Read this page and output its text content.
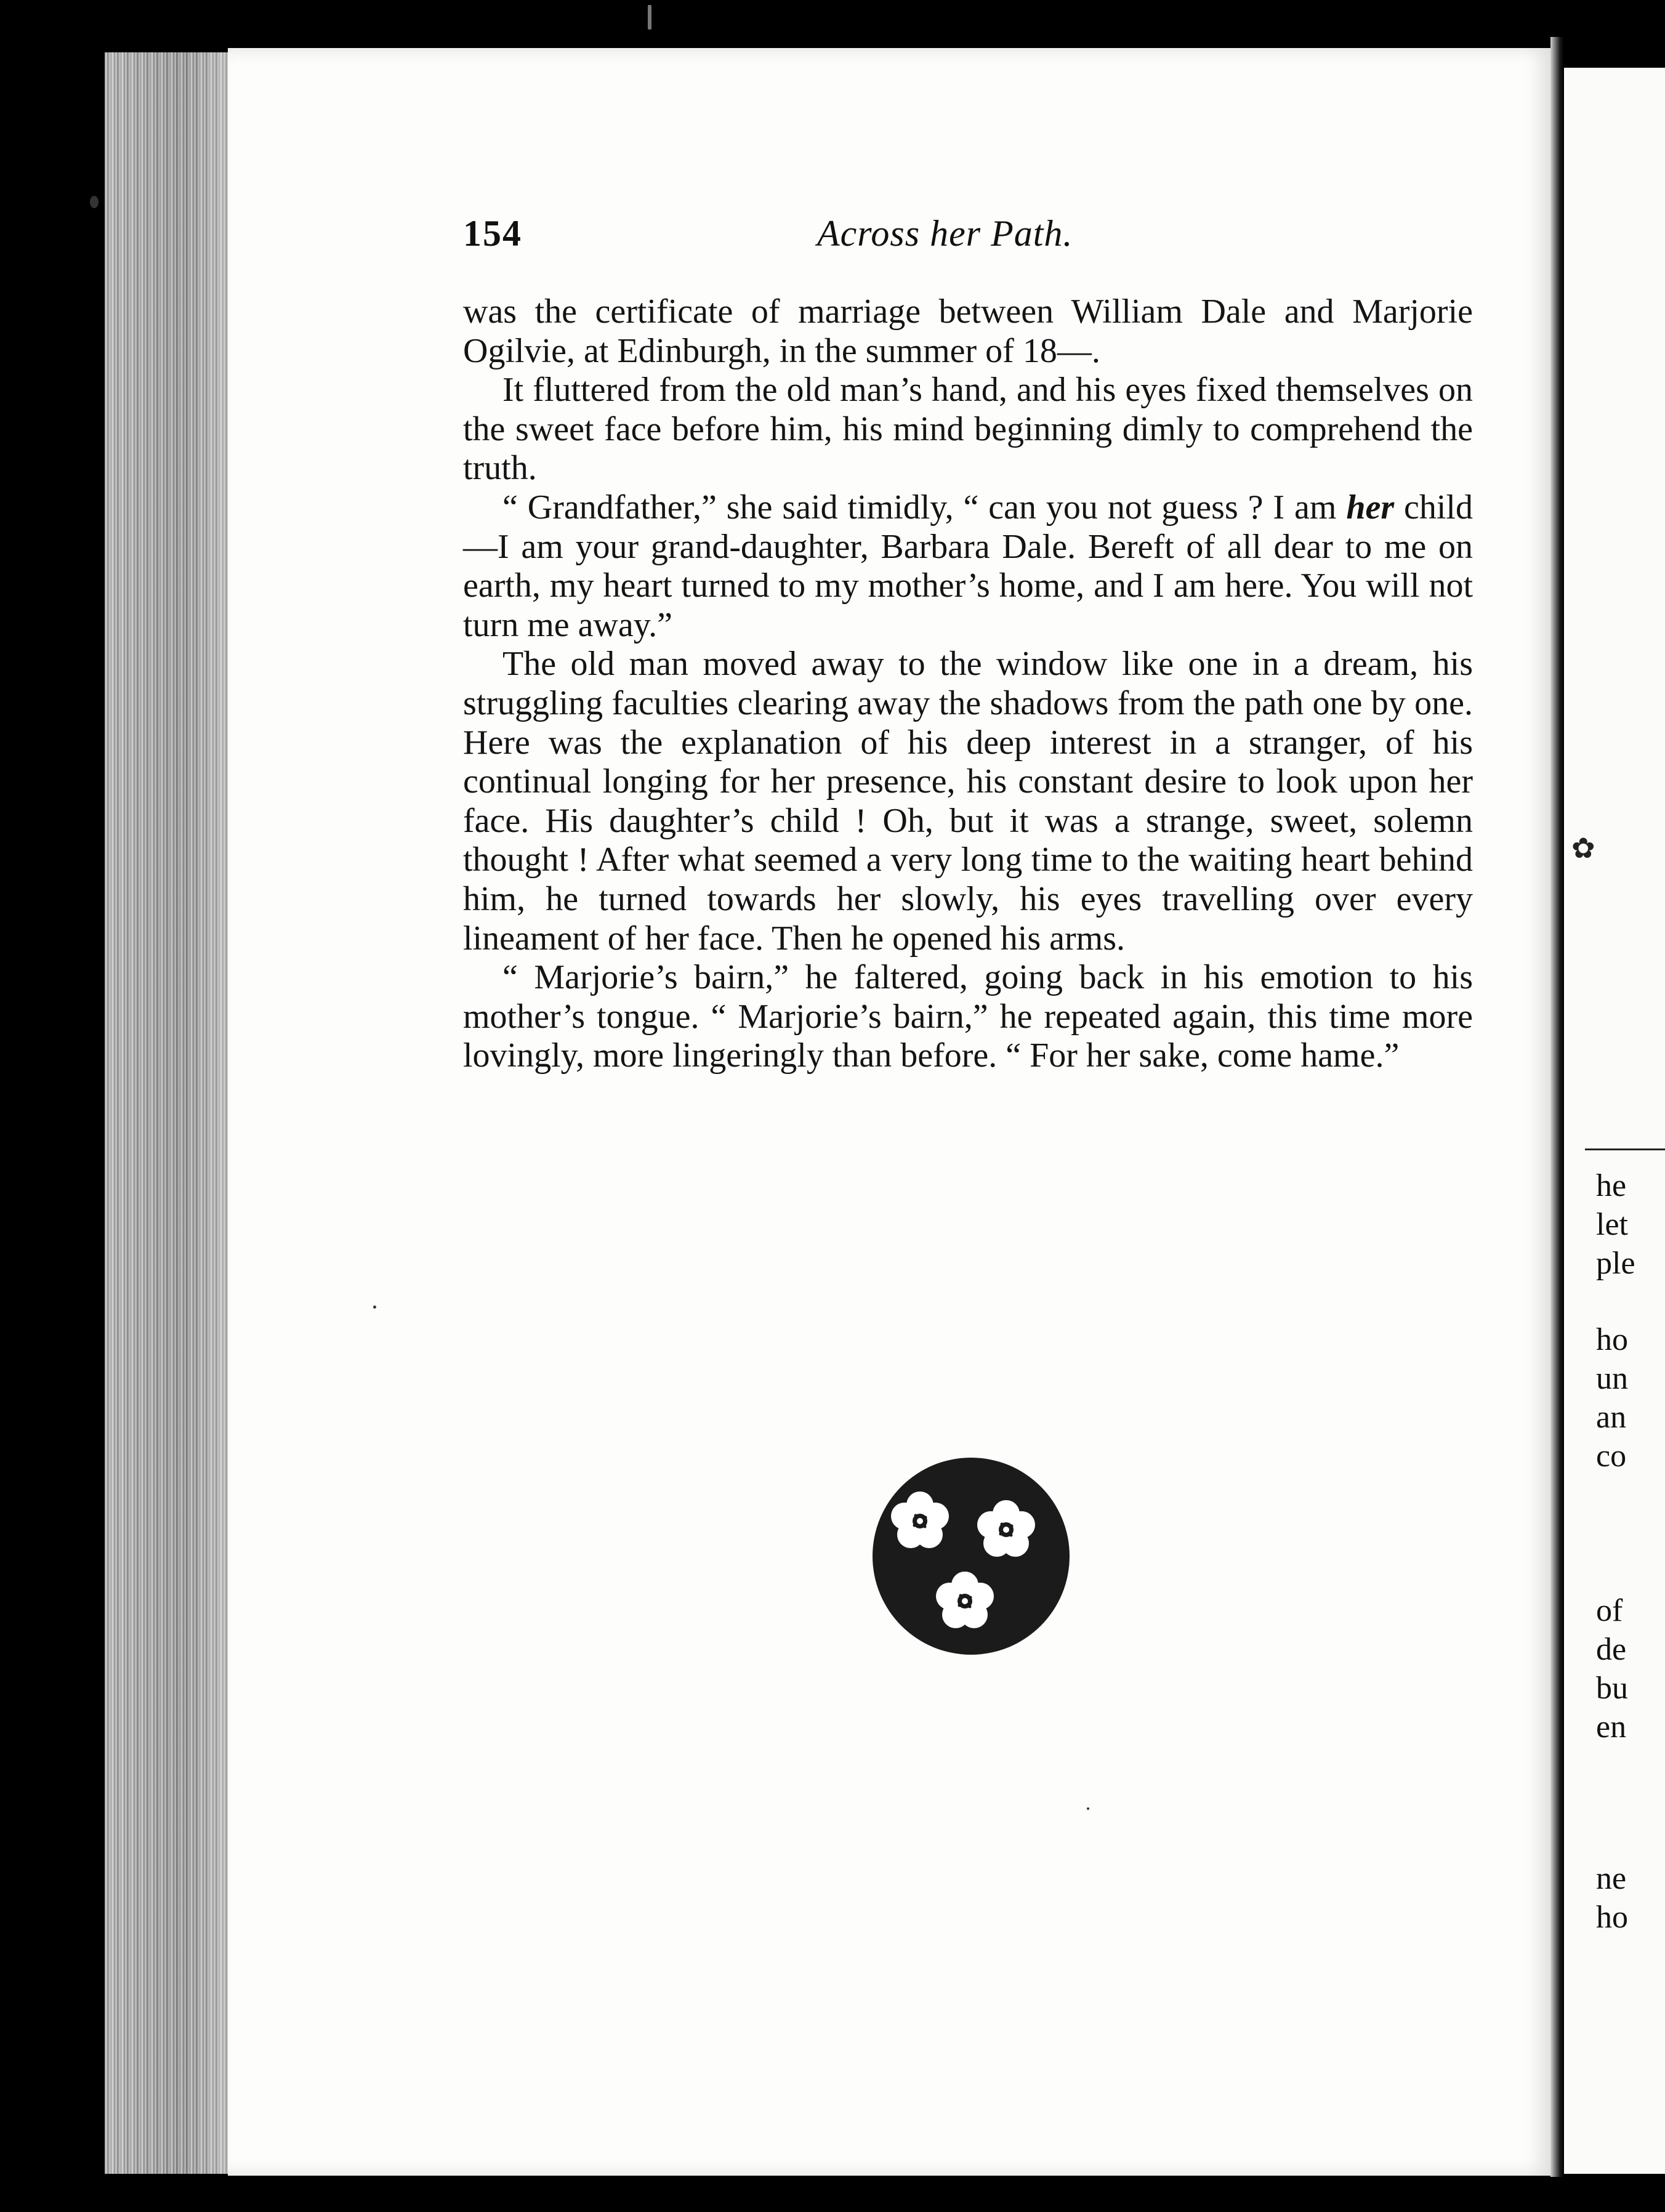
✿
he
let
ple
ho
un
an
co
of
de
bu
en
ne
ho
154	Across her Path.

was the certificate of marriage between William Dale and Marjorie Ogilvie, at Edinburgh, in the summer of 18—.

It fluttered from the old man’s hand, and his eyes fixed themselves on the sweet face before him, his mind beginning dimly to comprehend the truth.

“ Grandfather,” she said timidly, “ can you not guess ? I am her child—I am your grand-daughter, Barbara Dale. Bereft of all dear to me on earth, my heart turned to my mother’s home, and I am here. You will not turn me away.”

The old man moved away to the window like one in a dream, his struggling faculties clearing away the shadows from the path one by one. Here was the explanation of his deep interest in a stranger, of his continual longing for her presence, his constant desire to look upon her face. His daughter’s child ! Oh, but it was a strange, sweet, solemn thought ! After what seemed a very long time to the waiting heart behind him, he turned towards her slowly, his eyes travelling over every lineament of her face. Then he opened his arms.

“ Marjorie’s bairn,” he faltered, going back in his emotion to his mother’s tongue. “ Marjorie’s bairn,” he repeated again, this time more lovingly, more lingeringly than before. “ For her sake, come hame.”
